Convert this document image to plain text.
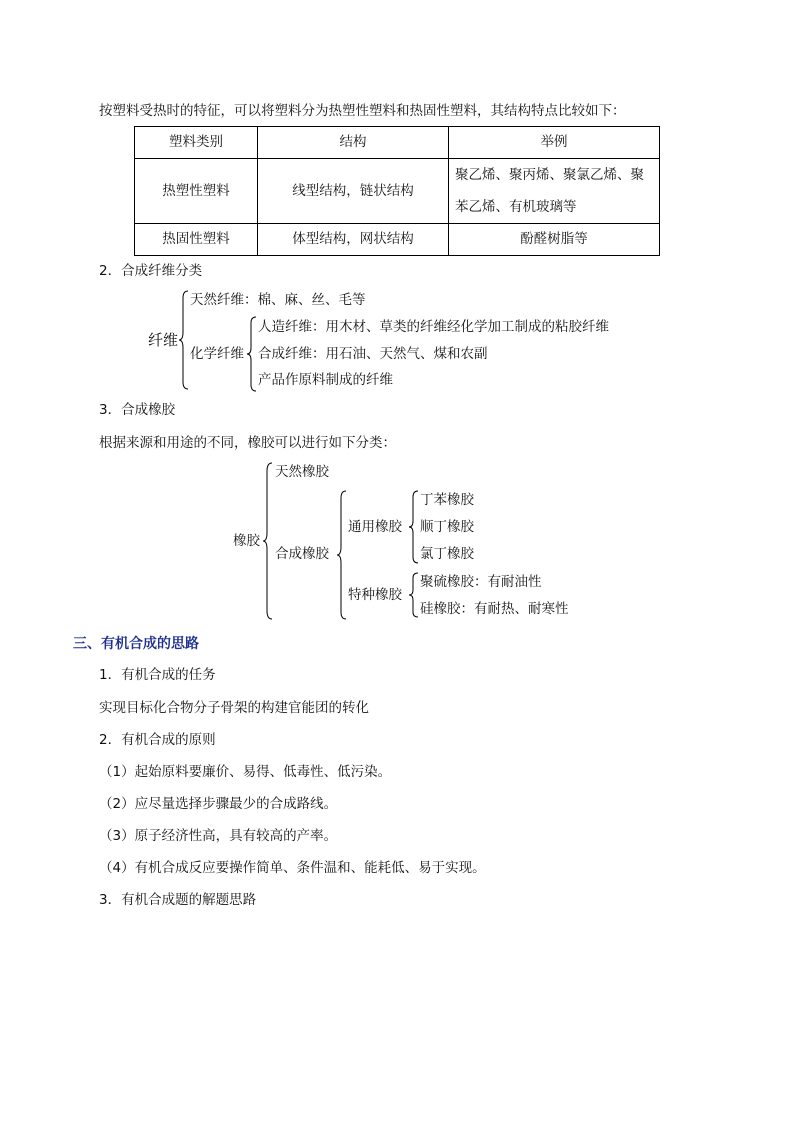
按塑料受热时的特征，可以将塑料分为热塑性塑料和热固性塑料，其结构特点比较如下：
塑料类别	结构	举例
热塑性塑料	线型结构，链状结构	聚乙烯、聚丙烯、聚氯乙烯、聚苯乙烯、有机玻璃等
热固性塑料	体型结构，网状结构	酚醛树脂等
2．合成纤维分类
纤维
天然纤维：棉、麻、丝、毛等
化学纤维
人造纤维：用木材、草类的纤维经化学加工制成的粘胶纤维
合成纤维：用石油、天然气、煤和农副
产品作原料制成的纤维
3．合成橡胶
根据来源和用途的不同，橡胶可以进行如下分类：
橡胶
天然橡胶
合成橡胶
通用橡胶
特种橡胶
丁苯橡胶
顺丁橡胶
氯丁橡胶
聚硫橡胶：有耐油性
硅橡胶：有耐热、耐寒性
三、有机合成的思路
1．有机合成的任务
实现目标化合物分子骨架的构建官能团的转化
2．有机合成的原则
（1）起始原料要廉价、易得、低毒性、低污染。
（2）应尽量选择步骤最少的合成路线。
（3）原子经济性高，具有较高的产率。
（4）有机合成反应要操作简单、条件温和、能耗低、易于实现。
3．有机合成题的解题思路
